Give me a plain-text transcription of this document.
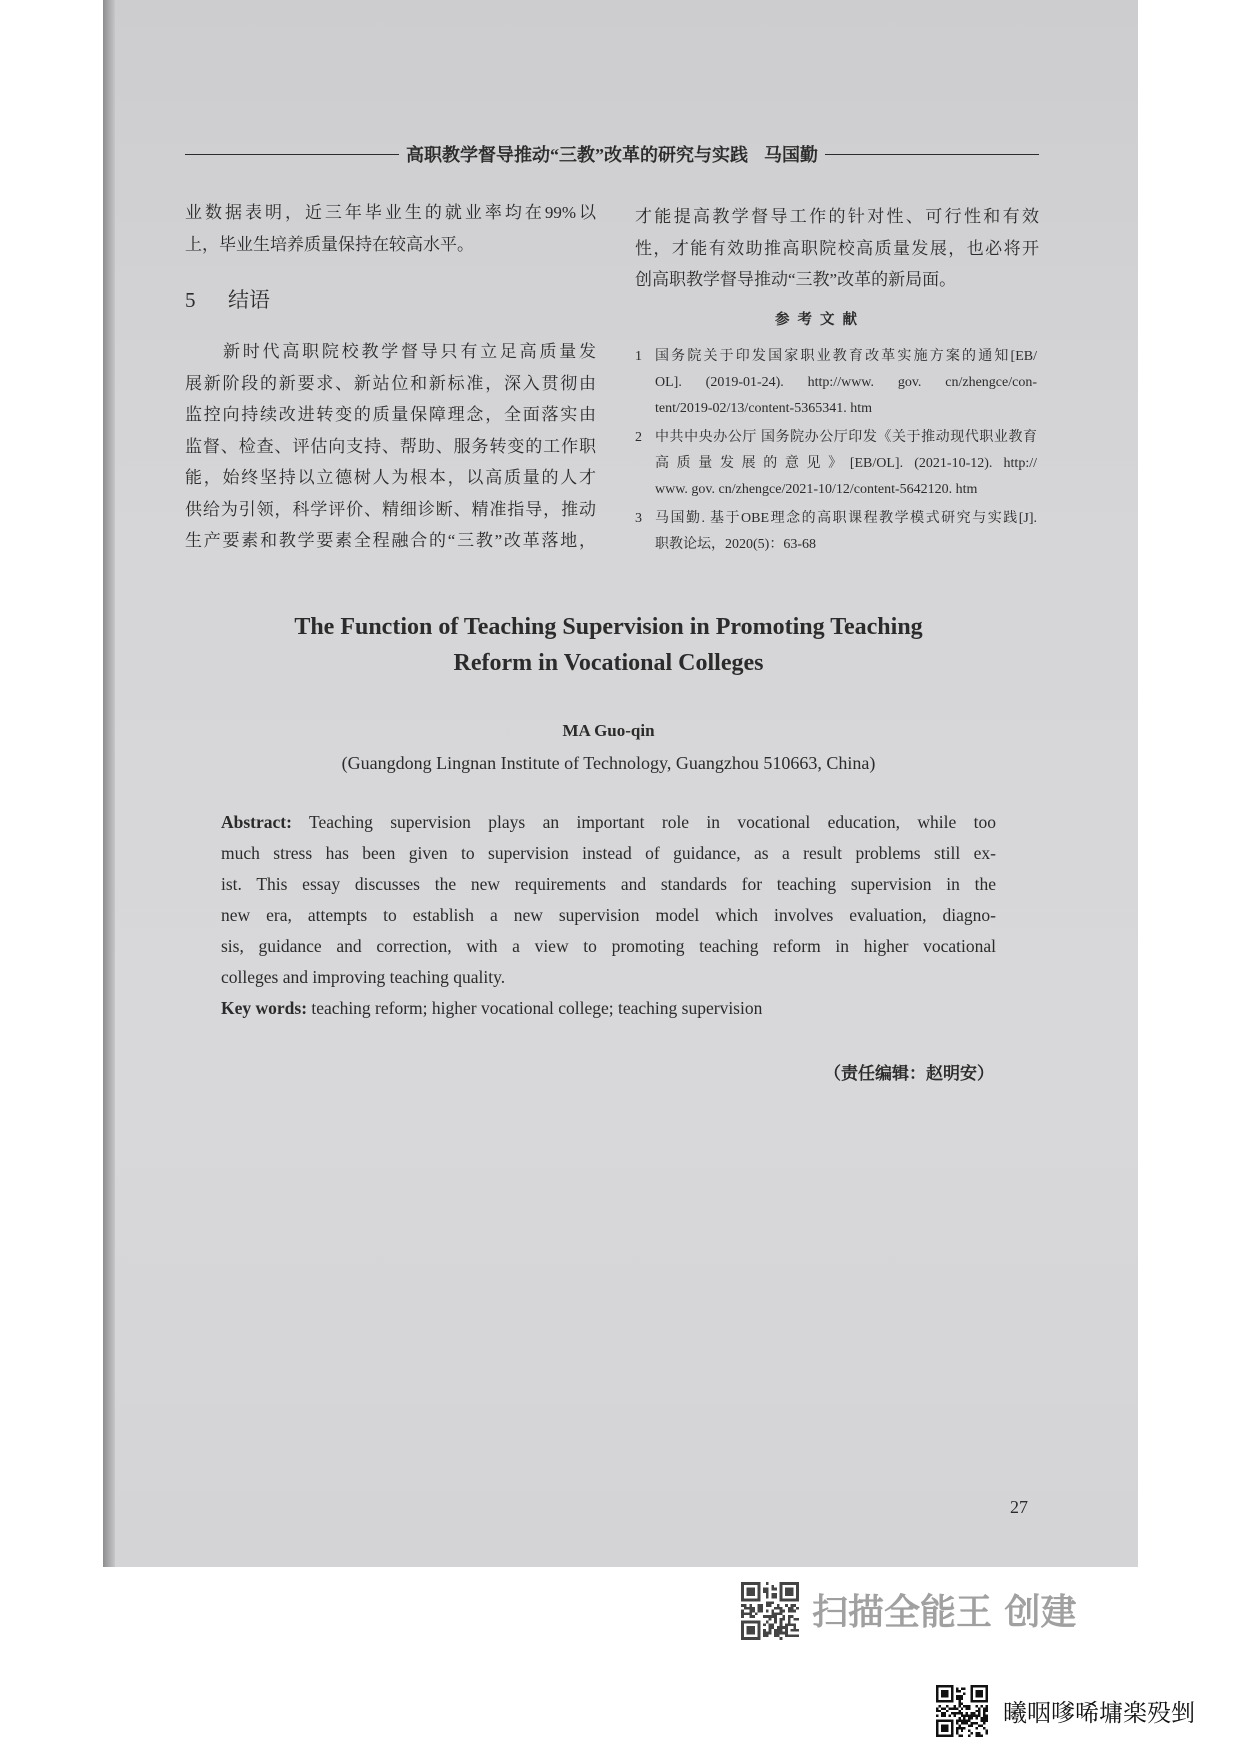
高职教学督导推动“三教”改革的研究与实践 马国勤
业数据表明，近三年毕业生的就业率均在99%以
上，毕业生培养质量保持在较高水平。
5 结语
新时代高职院校教学督导只有立足高质量发
展新阶段的新要求、新站位和新标准，深入贯彻由
监控向持续改进转变的质量保障理念，全面落实由
监督、检查、评估向支持、帮助、服务转变的工作职
能，始终坚持以立德树人为根本，以高质量的人才
供给为引领，科学评价、精细诊断、精准指导，推动
生产要素和教学要素全程融合的“三教”改革落地，
才能提高教学督导工作的针对性、可行性和有效
性，才能有效助推高职院校高质量发展，也必将开
创高职教学督导推动“三教”改革的新局面。
参考文献
1 国务院关于印发国家职业教育改革实施方案的通知[EB/
OL]. (2019-01-24). http://www. gov. cn/zhengce/con-
tent/2019-02/13/content-5365341. htm
2 中共中央办公厅 国务院办公厅印发《关于推动现代职业教育
高质量发展的意见》[EB/OL]. (2021-10-12). http://
www. gov. cn/zhengce/2021-10/12/content-5642120. htm
3 马国勤. 基于OBE理念的高职课程教学模式研究与实践[J].
职教论坛，2020(5)：63-68
The Function of Teaching Supervision in Promoting Teaching
Reform in Vocational Colleges
MA Guo-qin
(Guangdong Lingnan Institute of Technology, Guangzhou 510663, China)
Abstract: Teaching supervision plays an important role in vocational education, while too
much stress has been given to supervision instead of guidance, as a result problems still ex-
ist. This essay discusses the new requirements and standards for teaching supervision in the
new era, attempts to establish a new supervision model which involves evaluation, diagno-
sis, guidance and correction, with a view to promoting teaching reform in higher vocational
colleges and improving teaching quality.
Key words: teaching reform; higher vocational college; teaching supervision
（责任编辑：赵明安）
27
扫描全能王 创建
曦咽嗲唏墉楽殁剉
